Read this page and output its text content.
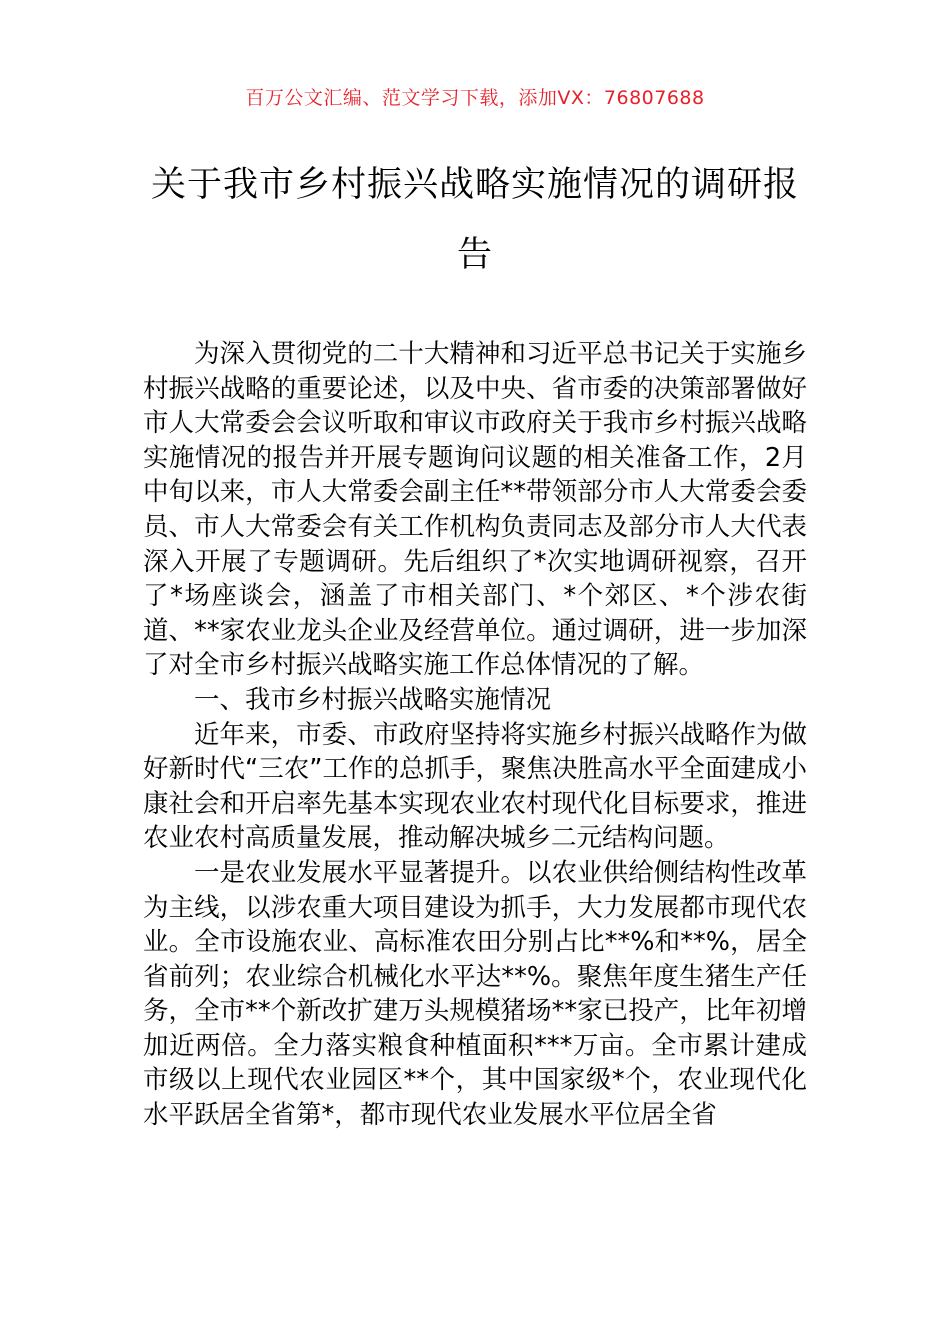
百万公文汇编、范文学习下载，添加VX：76807688
关于我市乡村振兴战略实施情况的调研报告

为深入贯彻党的二十大精神和习近平总书记关于实施乡村振兴战略的重要论述，以及中央、省市委的决策部署做好市人大常委会会议听取和审议市政府关于我市乡村振兴战略实施情况的报告并开展专题询问议题的相关准备工作，2月中旬以来，市人大常委会副主任**带领部分市人大常委会委员、市人大常委会有关工作机构负责同志及部分市人大代表深入开展了专题调研。先后组织了*次实地调研视察，召开了*场座谈会，涵盖了市相关部门、*个郊区、*个涉农街道、**家农业龙头企业及经营单位。通过调研，进一步加深了对全市乡村振兴战略实施工作总体情况的了解。

一、我市乡村振兴战略实施情况

近年来，市委、市政府坚持将实施乡村振兴战略作为做好新时代“三农”工作的总抓手，聚焦决胜高水平全面建成小康社会和开启率先基本实现农业农村现代化目标要求，推进农业农村高质量发展，推动解决城乡二元结构问题。

一是农业发展水平显著提升。以农业供给侧结构性改革为主线，以涉农重大项目建设为抓手，大力发展都市现代农业。全市设施农业、高标准农田分别占比**%和**%，居全省前列；农业综合机械化水平达**%。聚焦年度生猪生产任务，全市**个新改扩建万头规模猪场**家已投产，比年初增加近两倍。全力落实粮食种植面积***万亩。全市累计建成市级以上现代农业园区**个，其中国家级*个，农业现代化水平跃居全省第*，都市现代农业发展水平位居全省
